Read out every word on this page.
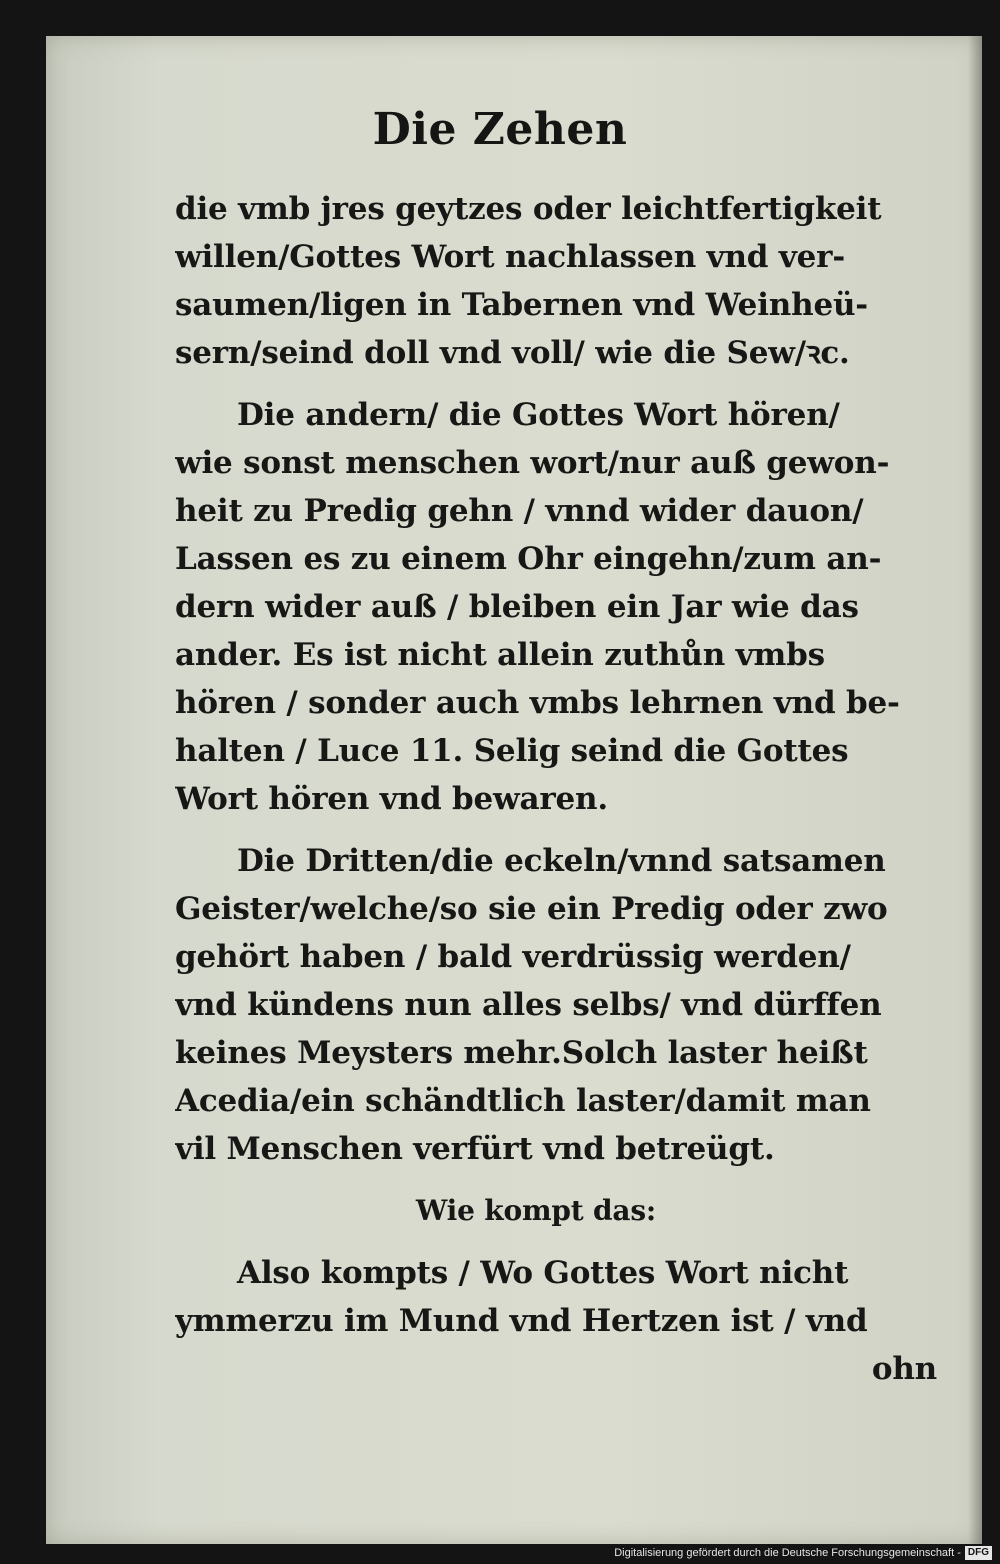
Die Zehen
die vmb jres geytzes oder leichtfertigkeit
willen/Gottes Wort nachlassen vnd ver-
saumen/ligen in Tabernen vnd Weinheü-
sern/seind doll vnd voll/ wie die Sew/ꝛc.
Die andern/ die Gottes Wort hören/
wie sonst menschen wort/nur auß gewon-
heit zu Predig gehn / vnnd wider dauon/
Lassen es zu einem Ohr eingehn/zum an-
dern wider auß / bleiben ein Jar wie das
ander. Es ist nicht allein zuthůn vmbs
hören / sonder auch vmbs lehrnen vnd be-
halten / Luce 11. Selig seind die Gottes
Wort hören vnd bewaren.
Die Dritten/die eckeln/vnnd satsamen
Geister/welche/so sie ein Predig oder zwo
gehört haben / bald verdrüssig werden/
vnd kündens nun alles selbs/ vnd dürffen
keines Meysters mehr.Solch laster heißt
Acedia/ein schändtlich laster/damit man
vil Menschen verfürt vnd betreügt.
Wie kompt das:
Also kompts / Wo Gottes Wort nicht
ymmerzu im Mund vnd Hertzen ist / vnd
ohn
Digitalisierung gefördert durch die Deutsche Forschungsgemeinschaft - DFG
